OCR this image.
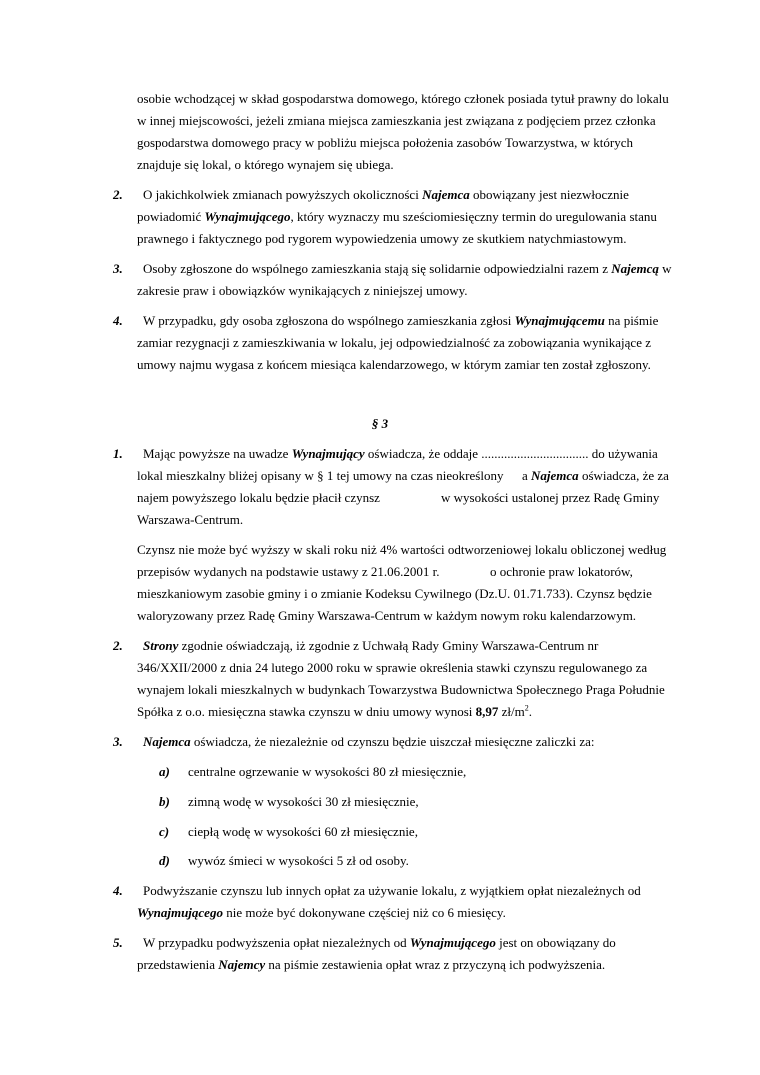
osobie wchodzącej w skład gospodarstwa domowego, którego członek posiada tytuł prawny do lokalu
w innej miejscowości, jeżeli zmiana miejsca zamieszkania jest związana z podjęciem przez członka
gospodarstwa domowego pracy w pobliżu miejsca położenia zasobów Towarzystwa, w których
znajduje się lokal, o którego wynajem się ubiega.
2. O jakichkolwiek zmianach powyższych okoliczności Najemca obowiązany jest niezwłocznie
powiadomić Wynajmującego, który wyznaczy mu sześciomiesięczny termin do uregulowania stanu
prawnego i faktycznego pod rygorem wypowiedzenia umowy ze skutkiem natychmiastowym.
3. Osoby zgłoszone do wspólnego zamieszkania stają się solidarnie odpowiedzialni razem z Najemcą w
zakresie praw i obowiązków wynikających z niniejszej umowy.
4. W przypadku, gdy osoba zgłoszona do wspólnego zamieszkania zgłosi Wynajmującemu na piśmie
zamiar rezygnacji z zamieszkiwania w lokalu, jej odpowiedzialność za zobowiązania wynikające z
umowy najmu wygasa z końcem miesiąca kalendarzowego, w którym zamiar ten został zgłoszony.
§ 3
1. Mając powyższe na uwadze Wynajmujący oświadcza, że oddaje ................................. do używania
lokal mieszkalny bliżej opisany w § 1 tej umowy na czas nieokreślony a Najemca oświadcza, że za
najem powyższego lokalu będzie płacił czynsz	w wysokości ustalonej przez Radę Gminy
Warszawa-Centrum.
Czynsz nie może być wyższy w skali roku niż 4% wartości odtworzeniowej lokalu obliczonej według
przepisów wydanych na podstawie ustawy z 21.06.2001 r.	o ochronie praw lokatorów,
mieszkaniowym zasobie gminy i o zmianie Kodeksu Cywilnego (Dz.U. 01.71.733). Czynsz będzie
waloryzowany przez Radę Gminy Warszawa-Centrum w każdym nowym roku kalendarzowym.
2. Strony zgodnie oświadczają, iż zgodnie z Uchwałą Rady Gminy Warszawa-Centrum nr
346/XXII/2000 z dnia 24 lutego 2000 roku w sprawie określenia stawki czynszu regulowanego za
wynajem lokali mieszkalnych w budynkach Towarzystwa Budownictwa Społecznego Praga Południe
Spółka z o.o. miesięczna stawka czynszu w dniu umowy wynosi 8,97 $zł/m^2$.
3. Najemca oświadcza, że niezależnie od czynszu będzie uiszczał miesięczne zaliczki za:
a) centralne ogrzewanie w wysokości 80 zł miesięcznie,
b) zimną wodę w wysokości 30 zł miesięcznie,
c) ciepłą wodę w wysokości 60 zł miesięcznie,
d) wywóz śmieci w wysokości 5 zł od osoby.
4. Podwyższanie czynszu lub innych opłat za używanie lokalu, z wyjątkiem opłat niezależnych od
Wynajmującego nie może być dokonywane częściej niż co 6 miesięcy.
5. W przypadku podwyższenia opłat niezależnych od Wynajmującego jest on obowiązany do
przedstawienia Najemcy na piśmie zestawienia opłat wraz z przyczyną ich podwyższenia.
